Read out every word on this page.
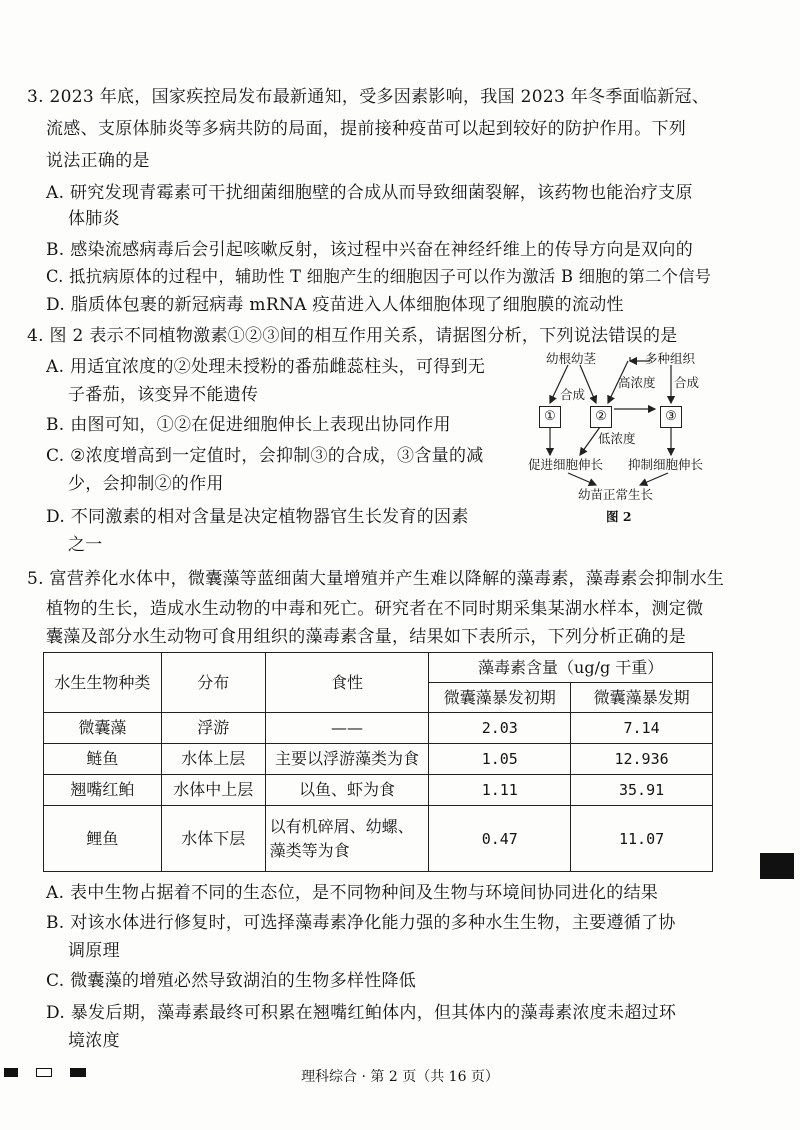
3. 2023 年底，国家疾控局发布最新通知，受多因素影响，我国 2023 年冬季面临新冠、
流感、支原体肺炎等多病共防的局面，提前接种疫苗可以起到较好的防护作用。下列
说法正确的是
A. 研究发现青霉素可干扰细菌细胞壁的合成从而导致细菌裂解，该药物也能治疗支原
体肺炎
B. 感染流感病毒后会引起咳嗽反射，该过程中兴奋在神经纤维上的传导方向是双向的
C. 抵抗病原体的过程中，辅助性 T 细胞产生的细胞因子可以作为激活 B 细胞的第二个信号
D. 脂质体包裹的新冠病毒 mRNA 疫苗进入人体细胞体现了细胞膜的流动性
4. 图 2 表示不同植物激素①②③间的相互作用关系，请据图分析，下列说法错误的是
A. 用适宜浓度的②处理未授粉的番茄雌蕊柱头，可得到无
子番茄，该变异不能遗传
B. 由图可知，①②在促进细胞伸长上表现出协同作用
C. ②浓度增高到一定值时，会抑制③的合成，③含量的减
少，会抑制②的作用
D. 不同激素的相对含量是决定植物器官生长发育的因素
之一
幼根幼茎	多种组织
合成
高浓度 合成
①	②	③
低浓度
促进细胞伸长 抑制细胞伸长
幼苗正常生长
图 2
5. 富营养化水体中，微囊藻等蓝细菌大量增殖并产生难以降解的藻毒素，藻毒素会抑制水生
植物的生长，造成水生动物的中毒和死亡。研究者在不同时期采集某湖水样本，测定微
囊藻及部分水生动物可食用组织的藻毒素含量，结果如下表所示，下列分析正确的是
水生生物种类	分布	食性	藻毒素含量（ug/g 干重）	
			微囊藻暴发初期	微囊藻暴发期
微囊藻	浮游	——	2.03	7.14
鲢鱼	水体上层	主要以浮游藻类为食	1.05	12.936
翘嘴红鲌	水体中上层	以鱼、虾为食	1.11	35.91
鲤鱼	水体下层	以有机碎屑、幼螺、
藻类等为食	0.47	11.07
A. 表中生物占据着不同的生态位，是不同物种间及生物与环境间协同进化的结果
B. 对该水体进行修复时，可选择藻毒素净化能力强的多种水生生物，主要遵循了协
调原理
C. 微囊藻的增殖必然导致湖泊的生物多样性降低
D. 暴发后期，藻毒素最终可积累在翘嘴红鲌体内，但其体内的藻毒素浓度未超过环
境浓度
理科综合 · 第 2 页（共 16 页）
